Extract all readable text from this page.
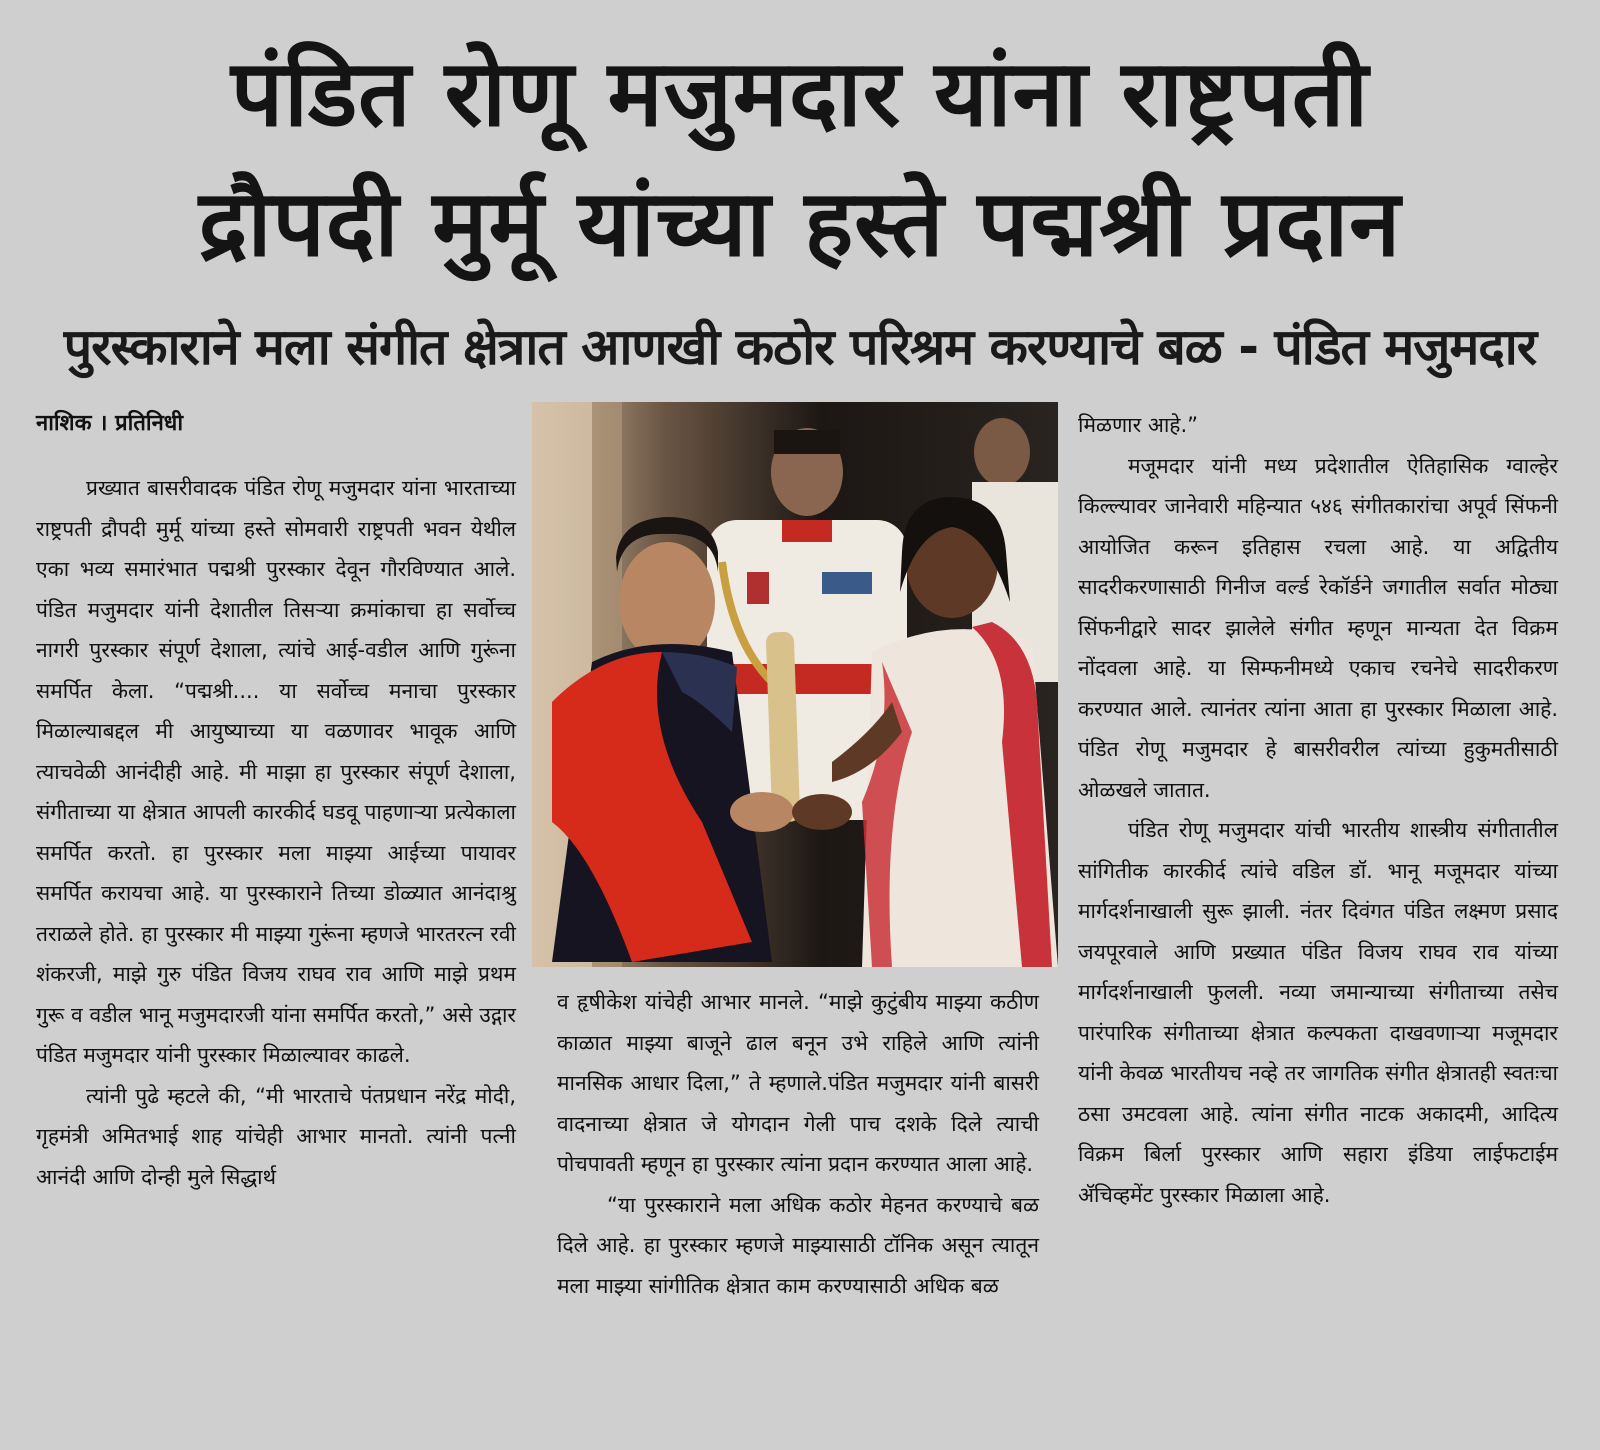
पंडित रोणू मजुमदार यांना राष्ट्रपती
द्रौपदी मुर्मू यांच्या हस्ते पद्मश्री प्रदान
पुरस्काराने मला संगीत क्षेत्रात आणखी कठोर परिश्रम करण्याचे बळ - पंडित मजुमदार
नाशिक । प्रतिनिधी

प्रख्यात बासरीवादक पंडित रोणू मजुमदार यांना भारताच्या राष्ट्रपती द्रौपदी मुर्मू यांच्या हस्ते सोमवारी राष्ट्रपती भवन येथील एका भव्य समारंभात पद्मश्री पुरस्कार देवून गौरविण्यात आले. पंडित मजुमदार यांनी देशातील तिसऱ्या क्रमांकाचा हा सर्वोच्च नागरी पुरस्कार संपूर्ण देशाला, त्यांचे आई-वडील आणि गुरूंना समर्पित केला. “पद्मश्री.... या सर्वोच्च मनाचा पुरस्कार मिळाल्याबद्दल मी आयुष्याच्या या वळणावर भावूक आणि त्याचवेळी आनंदीही आहे. मी माझा हा पुरस्कार संपूर्ण देशाला, संगीताच्या या क्षेत्रात आपली कारकीर्द घडवू पाहणाऱ्या प्रत्येकाला समर्पित करतो. हा पुरस्कार मला माझ्या आईच्या पायावर समर्पित करायचा आहे. या पुरस्काराने तिच्या डोळ्यात आनंदाश्रु तराळले होते. हा पुरस्कार मी माझ्या गुरूंना म्हणजे भारतरत्न रवी शंकरजी, माझे गुरु पंडित विजय राघव राव आणि माझे प्रथम गुरू व वडील भानू मजुमदारजी यांना समर्पित करतो,” असे उद्गार पंडित मजुमदार यांनी पुरस्कार मिळाल्यावर काढले.

त्यांनी पुढे म्हटले की, “मी भारताचे पंतप्रधान नरेंद्र मोदी, गृहमंत्री अमितभाई शाह यांचेही आभार मानतो. त्यांनी पत्नी आनंदी आणि दोन्ही मुले सिद्धार्थ

व हृषीकेश यांचेही आभार मानले. “माझे कुटुंबीय माझ्या कठीण काळात माझ्या बाजूने ढाल बनून उभे राहिले आणि त्यांनी मानसिक आधार दिला,” ते म्हणाले.पंडित मजुमदार यांनी बासरी वादनाच्या क्षेत्रात जे योगदान गेली पाच दशके दिले त्याची पोचपावती म्हणून हा पुरस्कार त्यांना प्रदान करण्यात आला आहे.

“या पुरस्काराने मला अधिक कठोर मेहनत करण्याचे बळ दिले आहे. हा पुरस्कार म्हणजे माझ्यासाठी टॉनिक असून त्यातून मला माझ्या सांगीतिक क्षेत्रात काम करण्यासाठी अधिक बळ

मिळणार आहे.”

मजूमदार यांनी मध्य प्रदेशातील ऐतिहासिक ग्वाल्हेर किल्ल्यावर जानेवारी महिन्यात ५४६ संगीतकारांचा अपूर्व सिंफनी आयोजित करून इतिहास रचला आहे. या अद्वितीय सादरीकरणासाठी गिनीज वर्ल्ड रेकॉर्डने जगातील सर्वात मोठ्या सिंफनीद्वारे सादर झालेले संगीत म्हणून मान्यता देत विक्रम नोंदवला आहे. या सिम्फनीमध्ये एकाच रचनेचे सादरीकरण करण्यात आले. त्यानंतर त्यांना आता हा पुरस्कार मिळाला आहे. पंडित रोणू मजुमदार हे बासरीवरील त्यांच्या हुकुमतीसाठी ओळखले जातात.

पंडित रोणू मजुमदार यांची भारतीय शास्त्रीय संगीतातील सांगितीक कारकीर्द त्यांचे वडिल डॉ. भानू मजूमदार यांच्या मार्गदर्शनाखाली सुरू झाली. नंतर दिवंगत पंडित लक्ष्मण प्रसाद जयपूरवाले आणि प्रख्यात पंडित विजय राघव राव यांच्या मार्गदर्शनाखाली फुलली. नव्या जमान्याच्या संगीताच्या तसेच पारंपारिक संगीताच्या क्षेत्रात कल्पकता दाखवणाऱ्या मजूमदार यांनी केवळ भारतीयच नव्हे तर जागतिक संगीत क्षेत्रातही स्वतःचा ठसा उमटवला आहे. त्यांना संगीत नाटक अकादमी, आदित्य विक्रम बिर्ला पुरस्कार आणि सहारा इंडिया लाईफटाईम ॲचिव्हमेंट पुरस्कार मिळाला आहे.
